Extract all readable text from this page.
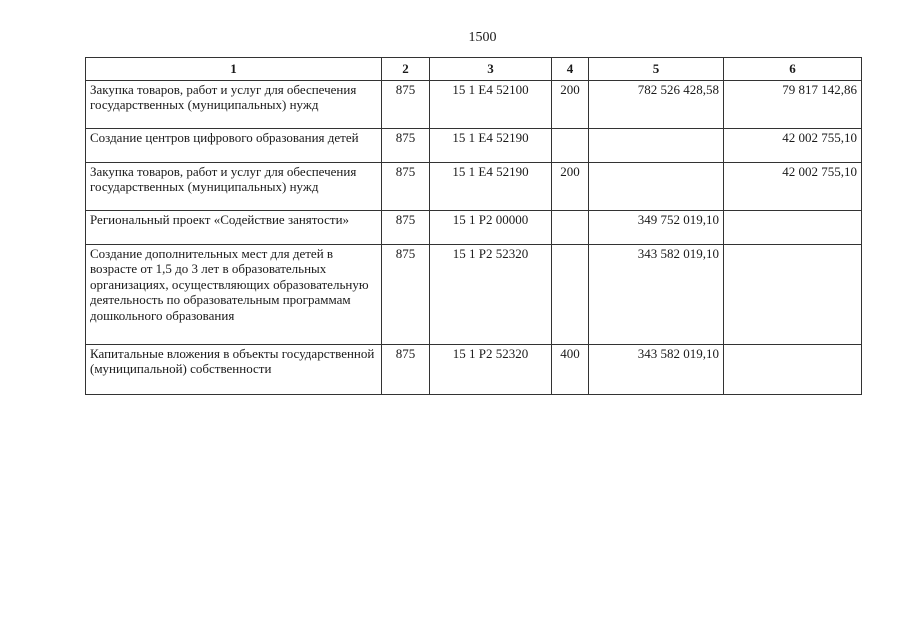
1500
1	2	3	4	5	6
Закупка товаров, работ и услуг для обеспечения государственных (муниципальных) нужд	875	15 1 Е4 52100	200	782 526 428,58	79 817 142,86
Создание центров цифрового образования детей	875	15 1 Е4 52190			42 002 755,10
Закупка товаров, работ и услуг для обеспечения государственных (муниципальных) нужд	875	15 1 Е4 52190	200		42 002 755,10
Региональный проект «Содействие занятости»	875	15 1 Р2 00000		349 752 019,10	
Создание дополнительных мест для детей в возрасте от 1,5 до 3 лет в образовательных организациях, осуществляющих образовательную деятельность по образовательным программам дошкольного образования	875	15 1 Р2 52320		343 582 019,10	
Капитальные вложения в объекты государственной (муниципальной) собственности	875	15 1 Р2 52320	400	343 582 019,10	
